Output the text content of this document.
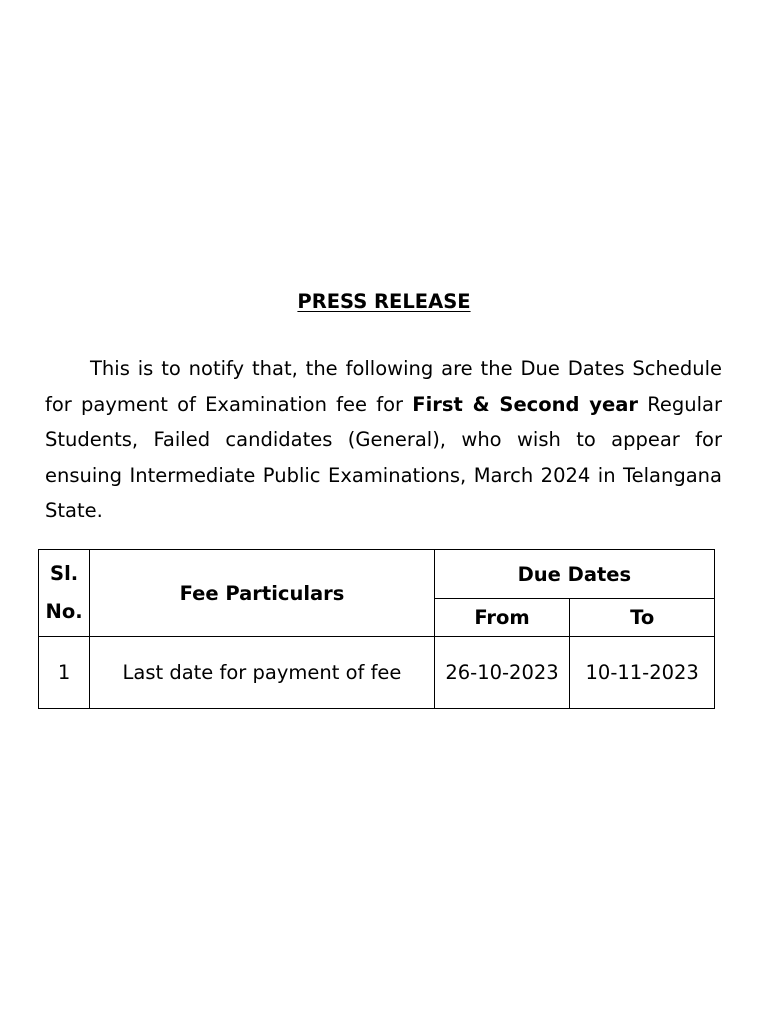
PRESS RELEASE

This is to notify that, the following are the Due Dates Schedule for payment of Examination fee for First & Second year Regular Students, Failed candidates (General), who wish to appear for ensuing Intermediate Public Examinations, March 2024 in Telangana State.

Sl.
No.	Fee Particulars	Due Dates	
		From	To
1	Last date for payment of fee	26-10-2023	10-11-2023
